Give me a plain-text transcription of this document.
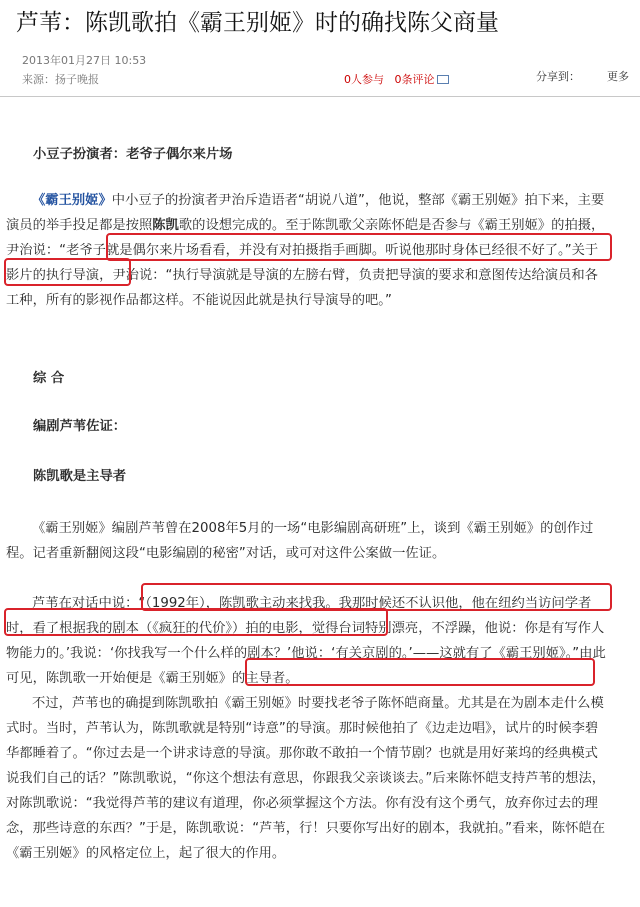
芦苇：陈凯歌拍《霸王别姬》时的确找陈父商量
2013年01月27日 10:53
来源：扬子晚报	0人参与 0条评论	分享到： 更多
小豆子扮演者：老爷子偶尔来片场
《霸王别姬》中小豆子的扮演者尹治斥造语者“胡说八道”，他说，整部《霸王别姬》拍下来，主要演员的举手投足都是按照陈凯歌的设想完成的。至于陈凯歌父亲陈怀皑是否参与《霸王别姬》的拍摄，尹治说：“老爷子就是偶尔来片场看看，并没有对拍摄指手画脚。听说他那时身体已经很不好了。”关于影片的执行导演，尹治说：“执行导演就是导演的左膀右臂，负责把导演的要求和意图传达给演员和各工种，所有的影视作品都这样。不能说因此就是执行导演导的吧。”
综 合
编剧芦苇佐证：
陈凯歌是主导者
《霸王别姬》编剧芦苇曾在2008年5月的一场“电影编剧高研班”上，谈到《霸王别姬》的创作过程。记者重新翻阅这段“电影编剧的秘密”对话，或可对这件公案做一佐证。
芦苇在对话中说：“（1992年），陈凯歌主动来找我。我那时候还不认识他，他在纽约当访问学者时，看了根据我的剧本（《疯狂的代价》）拍的电影，觉得台词特别漂亮，不浮躁，他说：你是有写作人物能力的。’我说：‘你找我写一个什么样的剧本？’他说：‘有关京剧的。’——这就有了《霸王别姬》。”由此可见，陈凯歌一开始便是《霸王别姬》的主导者。
不过，芦苇也的确提到陈凯歌拍《霸王别姬》时要找老爷子陈怀皑商量。尤其是在为剧本走什么模式时。当时，芦苇认为，陈凯歌就是特别“诗意”的导演。那时候他拍了《边走边唱》，试片的时候李碧华都睡着了。“你过去是一个讲求诗意的导演。那你敢不敢拍一个情节剧？也就是用好莱坞的经典模式说我们自己的话？”陈凯歌说，“你这个想法有意思，你跟我父亲谈谈去。”后来陈怀皑支持芦苇的想法，对陈凯歌说：“我觉得芦苇的建议有道理，你必须掌握这个方法。你有没有这个勇气，放弃你过去的理念，那些诗意的东西？”于是，陈凯歌说：“芦苇，行！只要你写出好的剧本，我就拍。”看来，陈怀皑在《霸王别姬》的风格定位上，起了很大的作用。
